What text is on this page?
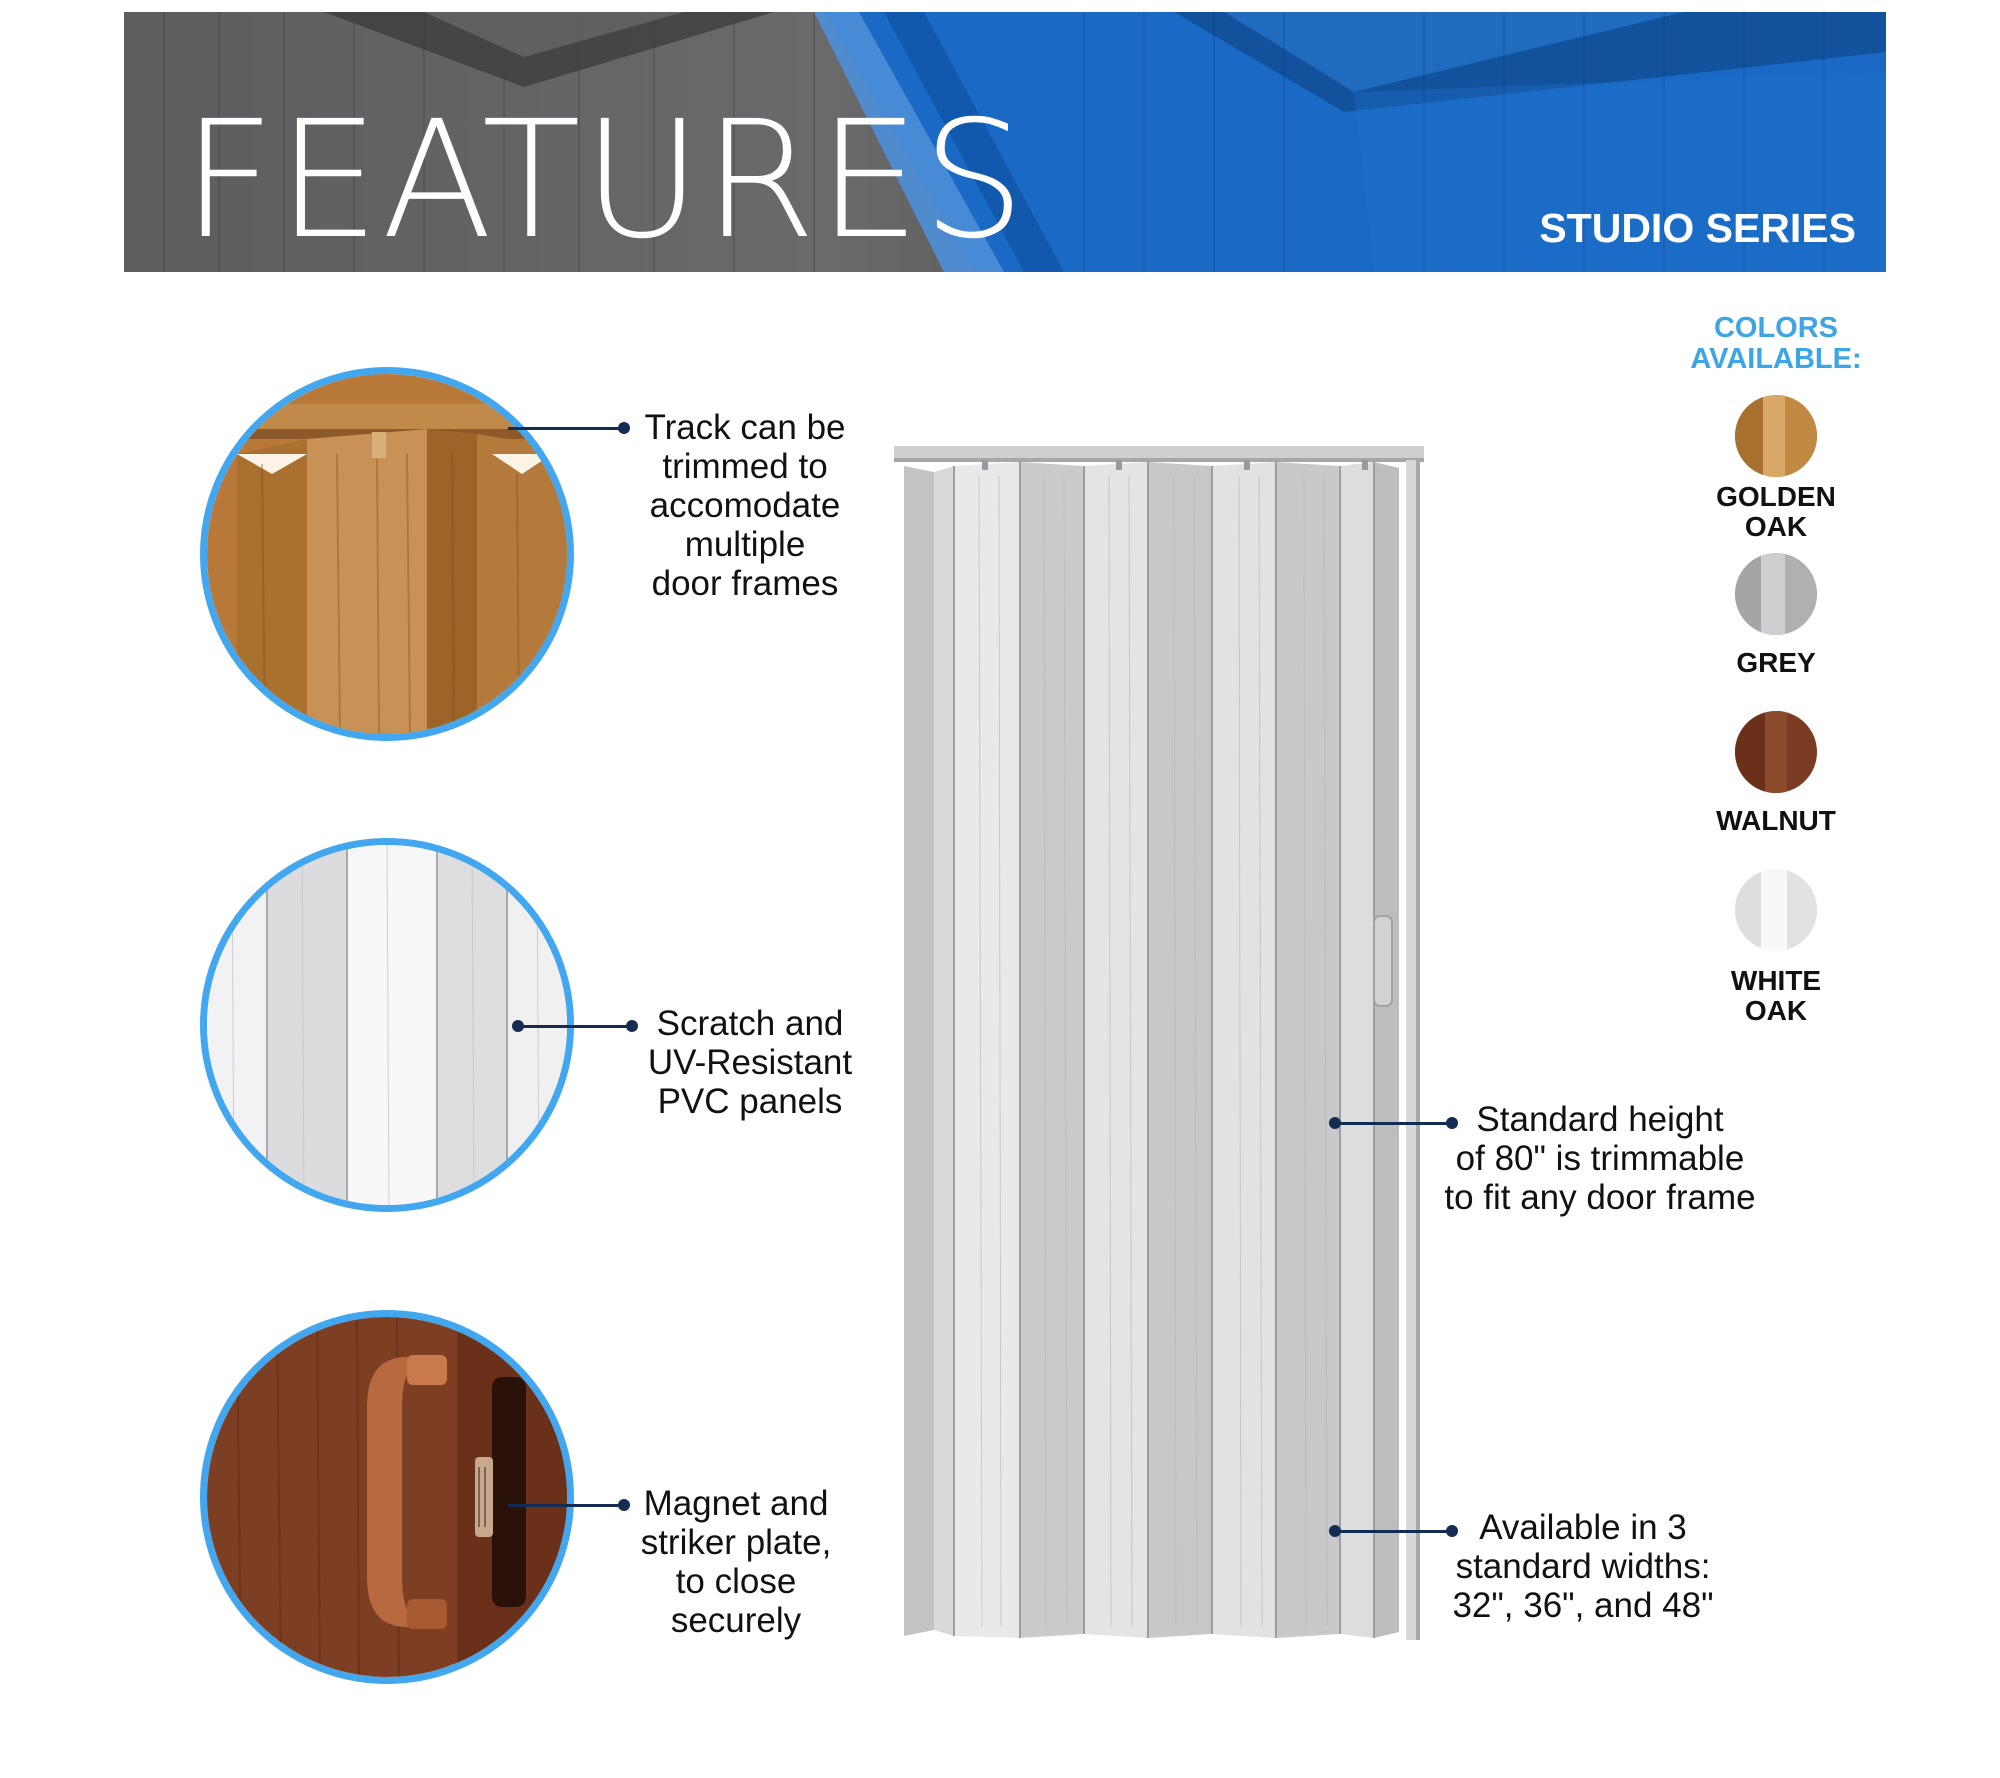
FEATURES	STUDIO SERIES

Track can be
trimmed to
accomodate
multiple
door frames

Scratch and
UV-Resistant
PVC panels

Magnet and
striker plate,
to close
securely

Standard height
of 80" is trimmable
to fit any door frame

Available in 3
standard widths:
32", 36", and 48"

COLORS
AVAILABLE:
GOLDEN
OAK
GREY
WALNUT
WHITE
OAK
